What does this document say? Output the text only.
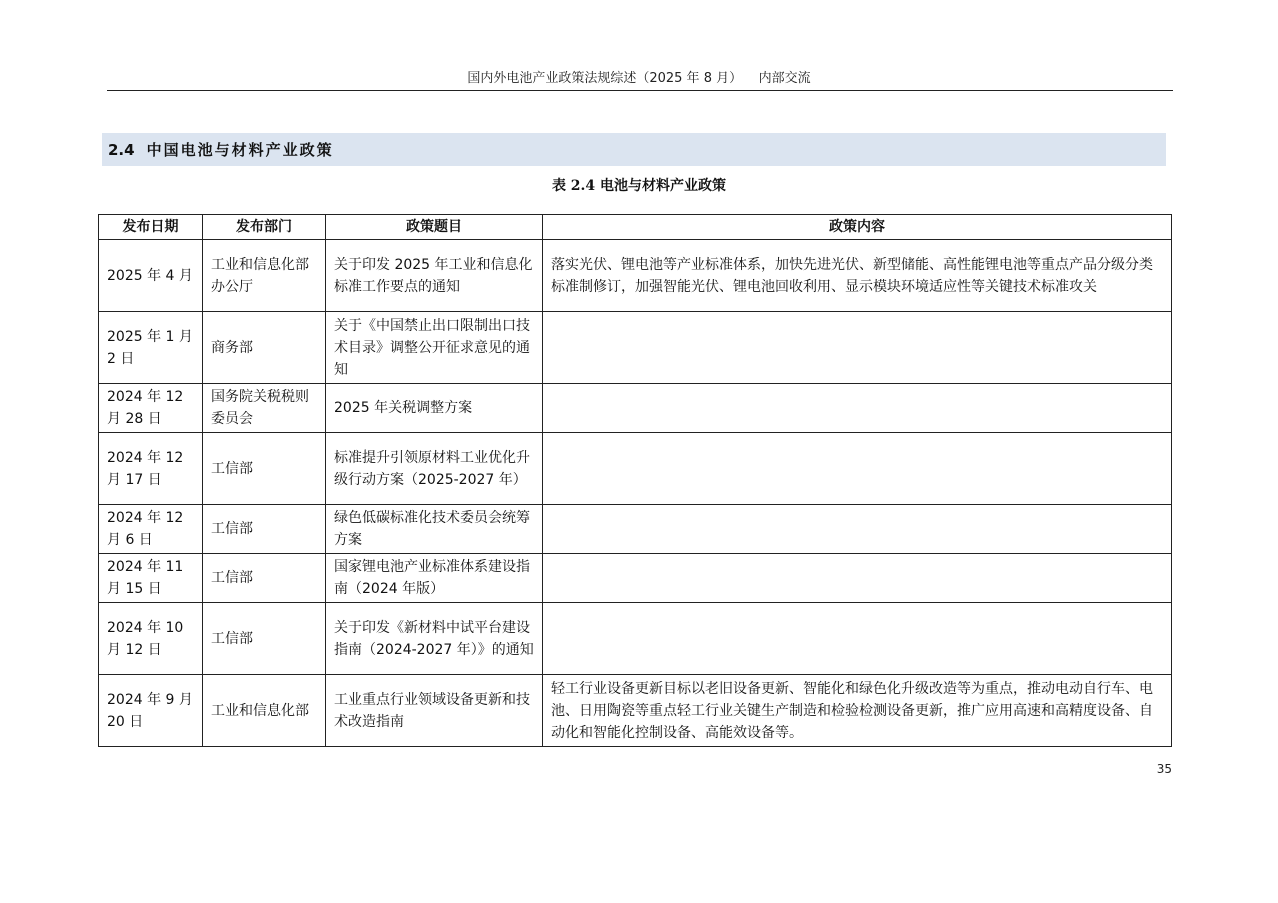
国内外电池产业政策法规综述（2025 年 8 月）    内部交流
2.4 中国电池与材料产业政策
表 2.4 电池与材料产业政策
发布日期	发布部门	政策题目	政策内容
2025 年 4 月	工业和信息化部办公厅	关于印发 2025 年工业和信息化标准工作要点的通知	落实光伏、锂电池等产业标准体系，加快先进光伏、新型储能、高性能锂电池等重点产品分级分类标准制修订，加强智能光伏、锂电池回收利用、显示模块环境适应性等关键技术标准攻关
2025 年 1 月 2 日	商务部	关于《中国禁止出口限制出口技术目录》调整公开征求意见的通知	
2024 年 12 月 28 日	国务院关税税则委员会	2025 年关税调整方案	
2024 年 12 月 17 日	工信部	标准提升引领原材料工业优化升级行动方案（2025-2027 年）	
2024 年 12 月 6 日	工信部	绿色低碳标准化技术委员会统筹方案	
2024 年 11 月 15 日	工信部	国家锂电池产业标准体系建设指南（2024 年版）	
2024 年 10 月 12 日	工信部	关于印发《新材料中试平台建设指南（2024-2027 年）》的通知	
2024 年 9 月 20 日	工业和信息化部	工业重点行业领域设备更新和技术改造指南	轻工行业设备更新目标以老旧设备更新、智能化和绿色化升级改造等为重点，推动电动自行车、电池、日用陶瓷等重点轻工行业关键生产制造和检验检测设备更新，推广应用高速和高精度设备、自动化和智能化控制设备、高能效设备等。
35
